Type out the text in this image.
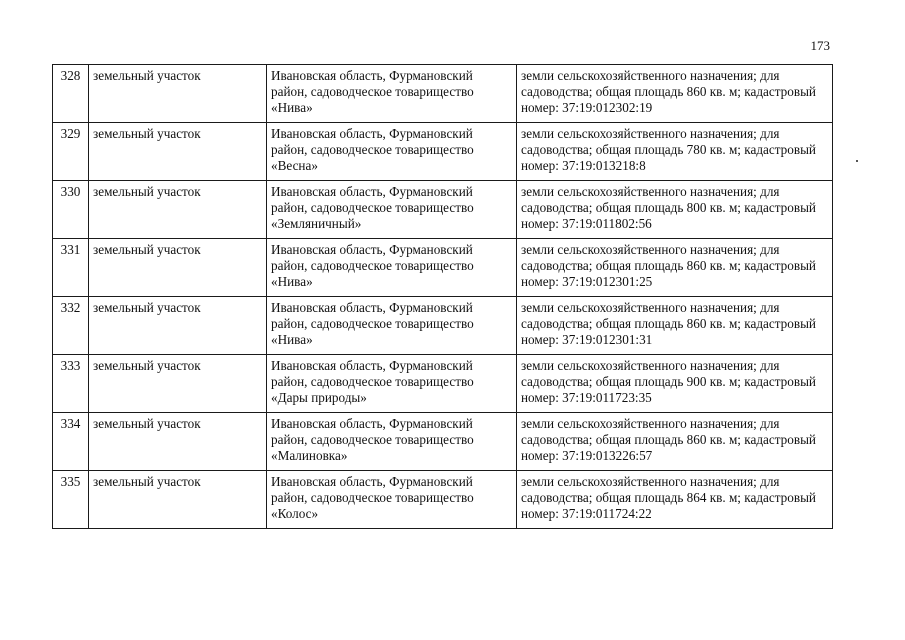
173
328	земельный участок	Ивановская область, Фурмановский район, садоводческое товарищество «Нива»	земли сельскохозяйственного назначения; для садоводства; общая площадь 860 кв. м; кадастровый номер: 37:19:012302:19
329	земельный участок	Ивановская область, Фурмановский район, садоводческое товарищество «Весна»	земли сельскохозяйственного назначения; для садоводства; общая площадь 780 кв. м; кадастровый номер: 37:19:013218:8
330	земельный участок	Ивановская область, Фурмановский район, садоводческое товарищество «Земляничный»	земли сельскохозяйственного назначения; для садоводства; общая площадь 800 кв. м; кадастровый номер: 37:19:011802:56
331	земельный участок	Ивановская область, Фурмановский район, садоводческое товарищество «Нива»	земли сельскохозяйственного назначения; для садоводства; общая площадь 860 кв. м; кадастровый номер: 37:19:012301:25
332	земельный участок	Ивановская область, Фурмановский район, садоводческое товарищество «Нива»	земли сельскохозяйственного назначения; для садоводства; общая площадь 860 кв. м; кадастровый номер: 37:19:012301:31
333	земельный участок	Ивановская область, Фурмановский район, садоводческое товарищество «Дары природы»	земли сельскохозяйственного назначения; для садоводства; общая площадь 900 кв. м; кадастровый номер: 37:19:011723:35
334	земельный участок	Ивановская область, Фурмановский район, садоводческое товарищество «Малиновка»	земли сельскохозяйственного назначения; для садоводства; общая площадь 860 кв. м; кадастровый номер: 37:19:013226:57
335	земельный участок	Ивановская область, Фурмановский район, садоводческое товарищество «Колос»	земли сельскохозяйственного назначения; для садоводства; общая площадь 864 кв. м; кадастровый номер: 37:19:011724:22
